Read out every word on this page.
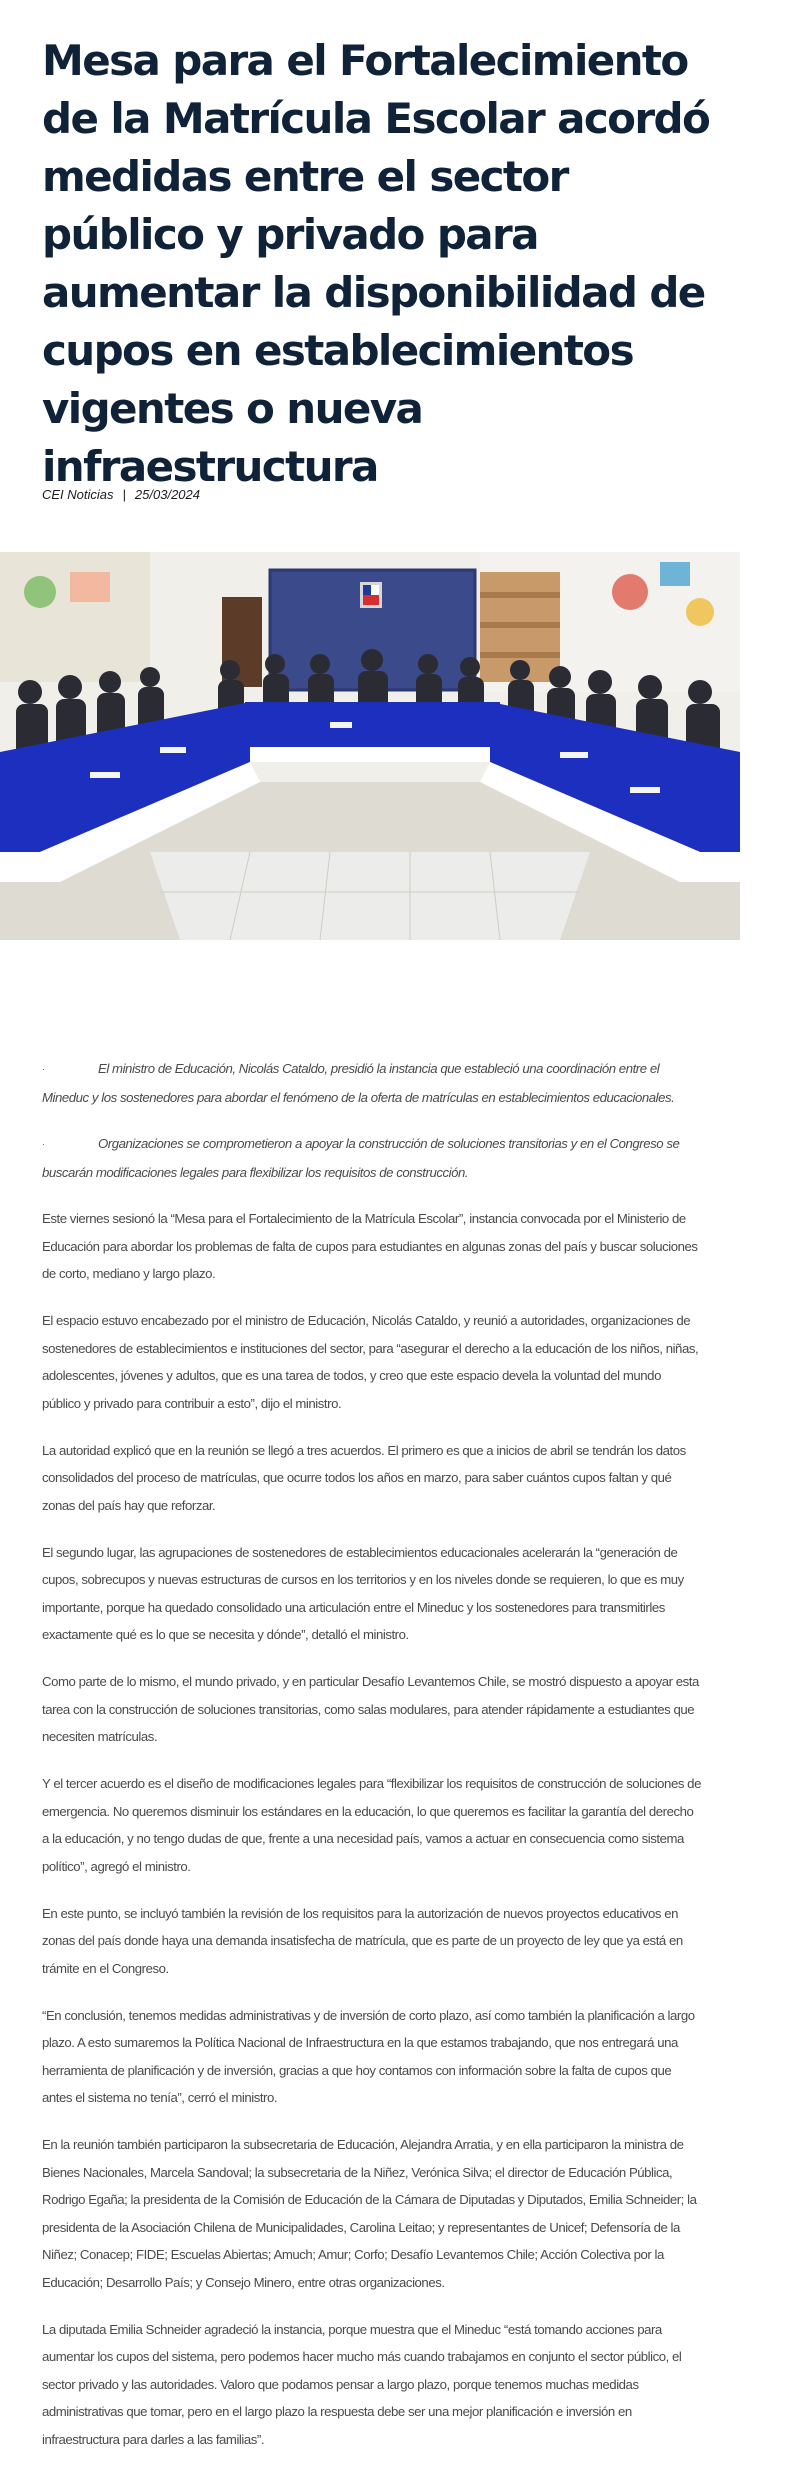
Mesa para el Fortalecimiento de la Matrícula Escolar acordó medidas entre el sector público y privado para aumentar la disponibilidad de cupos en establecimientos vigentes o nueva infraestructura
CEI Noticias | 25/03/2024

·	El ministro de Educación, Nicolás Cataldo, presidió la instancia que estableció una coordinación entre el Mineduc y los sostenedores para abordar el fenómeno de la oferta de matrículas en establecimientos educacionales.

·	Organizaciones se comprometieron a apoyar la construcción de soluciones transitorias y en el Congreso se buscarán modificaciones legales para flexibilizar los requisitos de construcción.

Este viernes sesionó la “Mesa para el Fortalecimiento de la Matrícula Escolar”, instancia convocada por el Ministerio de Educación para abordar los problemas de falta de cupos para estudiantes en algunas zonas del país y buscar soluciones de corto, mediano y largo plazo.

El espacio estuvo encabezado por el ministro de Educación, Nicolás Cataldo, y reunió a autoridades, organizaciones de sostenedores de establecimientos e instituciones del sector, para “asegurar el derecho a la educación de los niños, niñas, adolescentes, jóvenes y adultos, que es una tarea de todos, y creo que este espacio devela la voluntad del mundo público y privado para contribuir a esto”, dijo el ministro.

La autoridad explicó que en la reunión se llegó a tres acuerdos. El primero es que a inicios de abril se tendrán los datos consolidados del proceso de matrículas, que ocurre todos los años en marzo, para saber cuántos cupos faltan y qué zonas del país hay que reforzar.

El segundo lugar, las agrupaciones de sostenedores de establecimientos educacionales acelerarán la “generación de cupos, sobrecupos y nuevas estructuras de cursos en los territorios y en los niveles donde se requieren, lo que es muy importante, porque ha quedado consolidado una articulación entre el Mineduc y los sostenedores para transmitirles exactamente qué es lo que se necesita y dónde”, detalló el ministro.

Como parte de lo mismo, el mundo privado, y en particular Desafío Levantemos Chile, se mostró dispuesto a apoyar esta tarea con la construcción de soluciones transitorias, como salas modulares, para atender rápidamente a estudiantes que necesiten matrículas.

Y el tercer acuerdo es el diseño de modificaciones legales para “flexibilizar los requisitos de construcción de soluciones de emergencia. No queremos disminuir los estándares en la educación, lo que queremos es facilitar la garantía del derecho a la educación, y no tengo dudas de que, frente a una necesidad país, vamos a actuar en consecuencia como sistema político”, agregó el ministro.

En este punto, se incluyó también la revisión de los requisitos para la autorización de nuevos proyectos educativos en zonas del país donde haya una demanda insatisfecha de matrícula, que es parte de un proyecto de ley que ya está en trámite en el Congreso.

“En conclusión, tenemos medidas administrativas y de inversión de corto plazo, así como también la planificación a largo plazo. A esto sumaremos la Política Nacional de Infraestructura en la que estamos trabajando, que nos entregará una herramienta de planificación y de inversión, gracias a que hoy contamos con información sobre la falta de cupos que antes el sistema no tenía”, cerró el ministro.

En la reunión también participaron la subsecretaria de Educación, Alejandra Arratia, y en ella participaron la ministra de Bienes Nacionales, Marcela Sandoval; la subsecretaria de la Niñez, Verónica Silva; el director de Educación Pública, Rodrigo Egaña; la presidenta de la Comisión de Educación de la Cámara de Diputadas y Diputados, Emilia Schneider; la presidenta de la Asociación Chilena de Municipalidades, Carolina Leitao; y representantes de Unicef; Defensoría de la Niñez; Conacep; FIDE; Escuelas Abiertas; Amuch; Amur; Corfo; Desafío Levantemos Chile; Acción Colectiva por la Educación; Desarrollo País; y Consejo Minero, entre otras organizaciones.

La diputada Emilia Schneider agradeció la instancia, porque muestra que el Mineduc “está tomando acciones para aumentar los cupos del sistema, pero podemos hacer mucho más cuando trabajamos en conjunto el sector público, el sector privado y las autoridades. Valoro que podamos pensar a largo plazo, porque tenemos muchas medidas administrativas que tomar, pero en el largo plazo la respuesta debe ser una mejor planificación e inversión en infraestructura para darles a las familias”.
